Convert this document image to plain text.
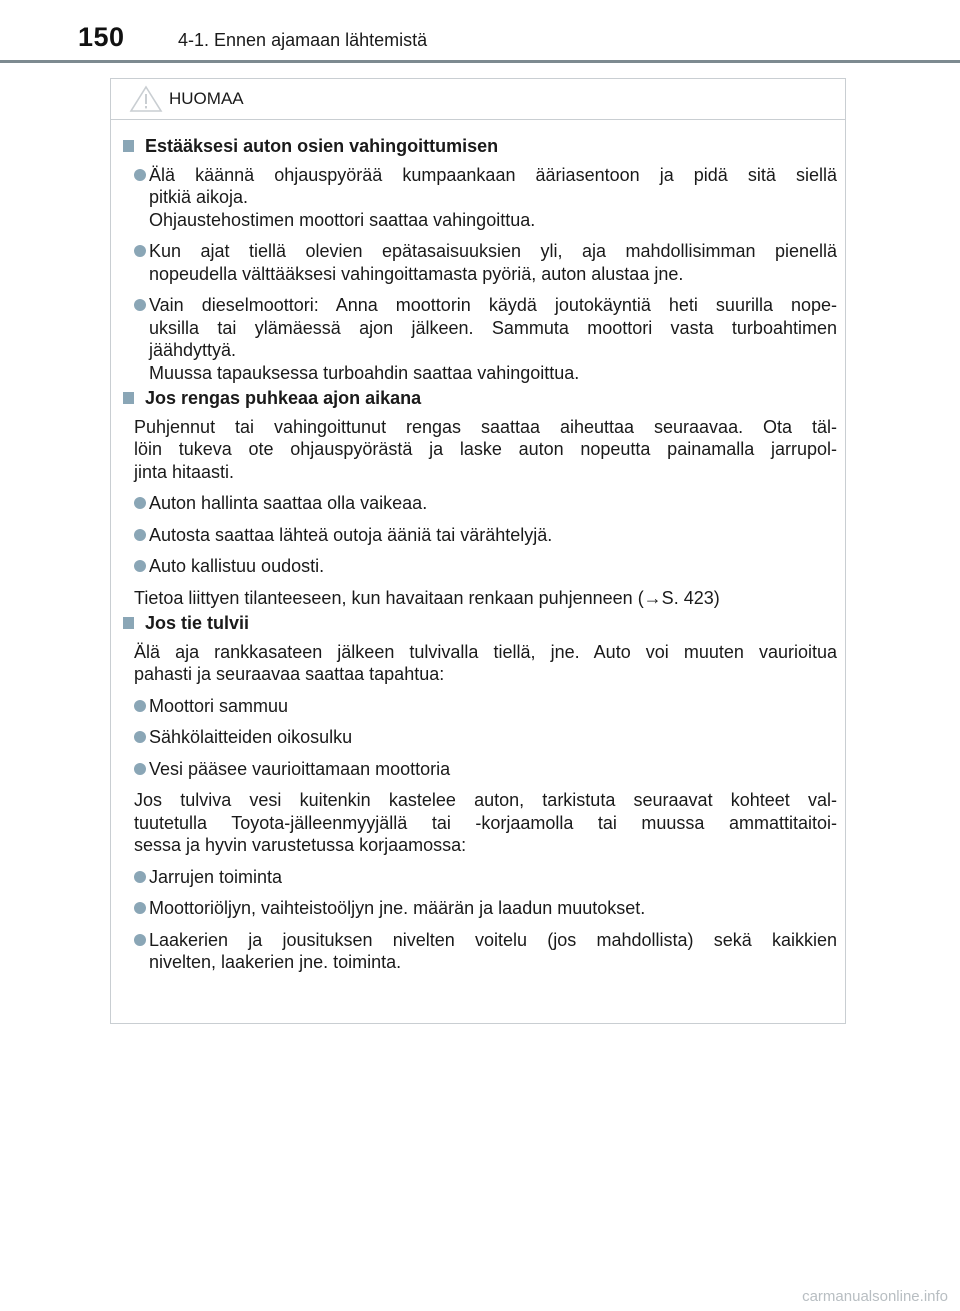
150	4-1. Ennen ajamaan lähtemistä
HUOMAA
Estääksesi auton osien vahingoittumisen
Älä käännä ohjauspyörää kumpaankaan ääriasentoon ja pidä sitä siellä
pitkiä aikoja.
Ohjaustehostimen moottori saattaa vahingoittua.
Kun ajat tiellä olevien epätasaisuuksien yli, aja mahdollisimman pienellä
nopeudella välttääksesi vahingoittamasta pyöriä, auton alustaa jne.
Vain dieselmoottori: Anna moottorin käydä joutokäyntiä heti suurilla nope-
uksilla tai ylämäessä ajon jälkeen. Sammuta moottori vasta turboahtimen
jäähdyttyä.
Muussa tapauksessa turboahdin saattaa vahingoittua.
Jos rengas puhkeaa ajon aikana
Puhjennut tai vahingoittunut rengas saattaa aiheuttaa seuraavaa. Ota täl-
löin tukeva ote ohjauspyörästä ja laske auton nopeutta painamalla jarrupol-
jinta hitaasti.
Auton hallinta saattaa olla vaikeaa.
Autosta saattaa lähteä outoja ääniä tai värähtelyjä.
Auto kallistuu oudosti.
Tietoa liittyen tilanteeseen, kun havaitaan renkaan puhjenneen (→S. 423)
Jos tie tulvii
Älä aja rankkasateen jälkeen tulvivalla tiellä, jne. Auto voi muuten vaurioitua
pahasti ja seuraavaa saattaa tapahtua:
Moottori sammuu
Sähkölaitteiden oikosulku
Vesi pääsee vaurioittamaan moottoria
Jos tulviva vesi kuitenkin kastelee auton, tarkistuta seuraavat kohteet val-
tuutetulla Toyota-jälleenmyyjällä tai -korjaamolla tai muussa ammattitaitoi-
sessa ja hyvin varustetussa korjaamossa:
Jarrujen toiminta
Moottoriöljyn, vaihteistoöljyn jne. määrän ja laadun muutokset.
Laakerien ja jousituksen nivelten voitelu (jos mahdollista) sekä kaikkien
nivelten, laakerien jne. toiminta.
carmanualsonline.info
